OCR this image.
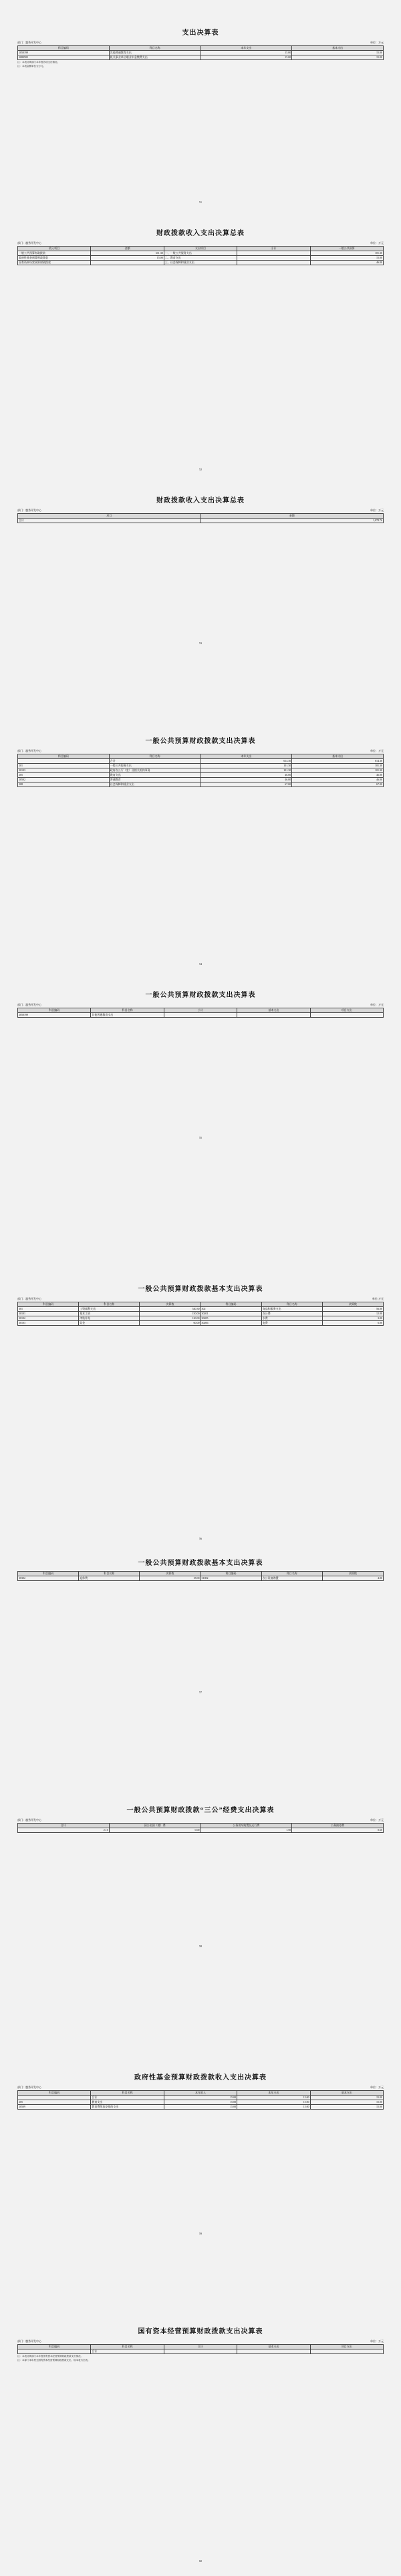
支出决算表
部门：越秀开发中心	单位：万元
科目编码	科目名称	本年支出	基本支出
2050199	其他普通教育支出	15.00	15.00
2080505	机关事业单位职业年金缴费支出	15.00	15.00
注：本表反映部门本年度各项支出情况。
注：本表金额单位为万元。
51
财政拨款收入支出决算总表
部门：越秀开发中心	单位：万元
收入项目	金额	支出项目	小计	一般公共预算
一般公共预算财政拨款	611.30	一、一般公共服务支出		101.30
政府性基金预算财政拨款	15.00	二、教育支出		15.00
国有资本经营预算财政拨款		三、社会保障和就业支出		46.00
52
财政拨款收入支出决算总表
部门：越秀开发中心	单位：万元
项目	金额
合计	1,078.76
53
一般公共预算财政拨款支出决算表
部门：越秀开发中心	单位：万元
科目编码	科目名称	本年支出	基本支出
	合计	614.30	614.30
201	一般公共服务支出	101.30	101.30
20103	政府办公厅（室）及相关机构事务	101.30	101.30
205	教育支出	46.00	46.00
20502	普通教育	46.00	46.00
208	社会保障和就业支出	67.00	67.00
54
一般公共预算财政拨款支出决算表
部门：越秀开发中心	单位：万元
科目编码	科目名称	小计	基本支出	项目支出
2050199	其他普通教育支出			
55
一般公共预算财政拨款基本支出决算表
部门：越秀开发中心	单位:万元
科目编码	科目名称	决算数	科目编码	科目名称	决算数
301	工资福利支出	540.30	302	商品和服务支出	56.00
30101	基本工资	150.00	30201	办公费	12.00
30102	津贴补贴	120.00	30205	水费	3.00
30103	奖金	60.00	30206	电费	6.00
56
一般公共预算财政拨款基本支出决算表
科目编码	科目名称	决算数	科目编码	科目名称	决算数
30302	退休费	18.00	31002	办公设备购置	4.00
57
一般公共预算财政拨款“三公”经费支出决算表
部门：越秀开发中心	单位：万元
合计	因公出国（境）费	公务用车购置及运行费	公务接待费
2.10	0.00	1.50	0.60
58
政府性基金预算财政拨款收入支出决算表
部门：越秀开发中心	单位：万元
科目编码	科目名称	本年收入	本年支出	基本支出
	合计	15.00	15.00	15.00
205	教育支出	15.00	15.00	15.00
20509	教育费附加安排的支出	15.00	15.00	15.00
59
国有资本经营预算财政拨款支出决算表
部门：越秀开发中心	单位：万元
科目编码	科目名称	合计	基本支出	项目支出
	合计			
注：本表反映部门本年度国有资本经营预算财政拨款支出情况。
注：本部门本年度无国有资本经营预算财政拨款支出，故本表为空表。
60
